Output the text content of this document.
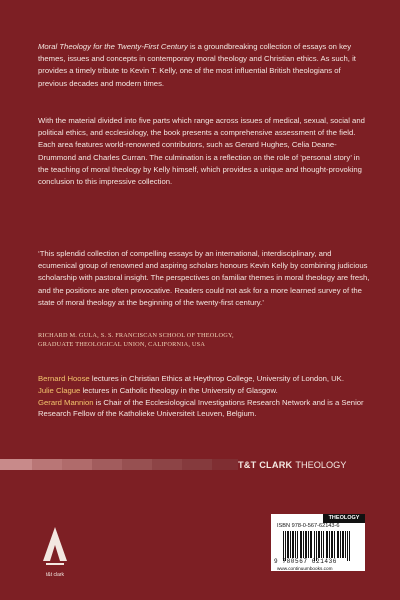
Moral Theology for the Twenty-First Century is a groundbreaking collection of essays on key themes, issues and concepts in contemporary moral theology and Christian ethics. As such, it provides a timely tribute to Kevin T. Kelly, one of the most influential British theologians of previous decades and modern times.

With the material divided into five parts which range across issues of medical, sexual, social and political ethics, and ecclesiology, the book presents a comprehensive assessment of the field. Each area features world-renowned contributors, such as Gerard Hughes, Celia Deane-Drummond and Charles Curran. The culmination is a reflection on the role of ‘personal story’ in the teaching of moral theology by Kelly himself, which provides a unique and thought-provoking conclusion to this impressive collection.

‘This splendid collection of compelling essays by an international, interdisciplinary, and ecumenical group of renowned and aspiring scholars honours Kevin Kelly by combining judicious scholarship with pastoral insight. The perspectives on familiar themes in moral theology are fresh, and the positions are often provocative. Readers could not ask for a more learned survey of the state of moral theology at the beginning of the twenty-first century.’

RICHARD M. GULA, S. S. FRANCISCAN SCHOOL OF THEOLOGY,
GRADUATE THEOLOGICAL UNION, CALIFORNIA, USA
Bernard Hoose lectures in Christian Ethics at Heythrop College, University of London, UK.
Julie Clague lectures in Catholic theology in the University of Glasgow.
Gerard Mannion is Chair of the Ecclesiological Investigations Research Network and is a Senior Research Fellow of the Katholieke Universiteit Leuven, Belgium.
T&T CLARK THEOLOGY
t&t clark
THEOLOGY
ISBN 978-0-567-62143-6
9 780567 621436
www.continuumbooks.com
